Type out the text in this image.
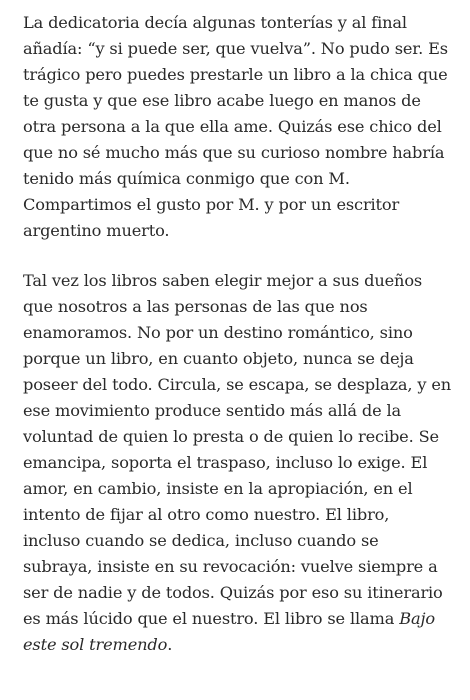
La dedicatoria decía algunas tonterías y al final
añadía: “y si puede ser, que vuelva”. No pudo ser. Es
trágico pero puedes prestarle un libro a la chica que
te gusta y que ese libro acabe luego en manos de
otra persona a la que ella ame. Quizás ese chico del
que no sé mucho más que su curioso nombre habría
tenido más química conmigo que con M.
Compartimos el gusto por M. y por un escritor
argentino muerto.
Tal vez los libros saben elegir mejor a sus dueños
que nosotros a las personas de las que nos
enamoramos. No por un destino romántico, sino
porque un libro, en cuanto objeto, nunca se deja
poseer del todo. Circula, se escapa, se desplaza, y en
ese movimiento produce sentido más allá de la
voluntad de quien lo presta o de quien lo recibe. Se
emancipa, soporta el traspaso, incluso lo exige. El
amor, en cambio, insiste en la apropiación, en el
intento de fijar al otro como nuestro. El libro,
incluso cuando se dedica, incluso cuando se
subraya, insiste en su revocación: vuelve siempre a
ser de nadie y de todos. Quizás por eso su itinerario
es más lúcido que el nuestro. El libro se llama Bajo
este sol tremendo.
